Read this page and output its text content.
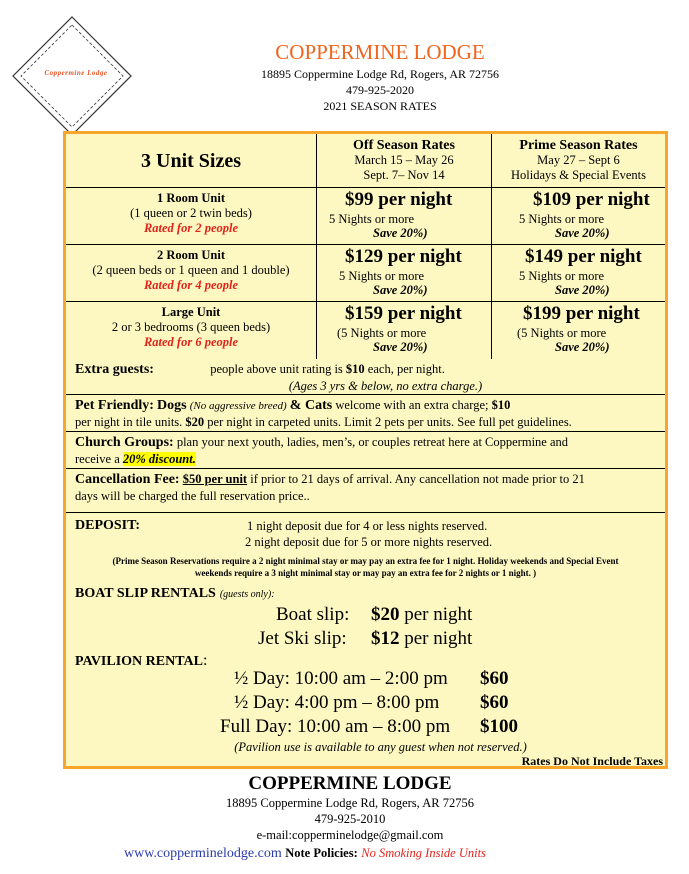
Coppermine Lodge
COPPERMINE LODGE
18895 Coppermine Lodge Rd, Rogers, AR 72756
479-925-2020
2021 SEASON RATES
3 Unit Sizes
Off Season Rates
March 15 – May 26
Sept. 7– Nov 14
Prime Season Rates
May 27 – Sept 6
Holidays & Special Events
1 Room Unit
(1 queen or 2 twin beds)
Rated for 2 people
$99 per night
5 Nights or more
Save 20%)
$109 per night
5 Nights or more
Save 20%)
2 Room Unit
(2 queen beds or 1 queen and 1 double)
Rated for 4 people
$129 per night
5 Nights or more
Save 20%)
$149 per night
5 Nights or more
Save 20%)
Large Unit
2 or 3 bedrooms (3 queen beds)
Rated for 6 people
$159 per night
(5 Nights or more
Save 20%)
$199 per night
(5 Nights or more
Save 20%)
Extra guests:	people above unit rating is $10 each, per night.
(Ages 3 yrs & below, no extra charge.)
Pet Friendly: Dogs (No aggressive breed) & Cats welcome with an extra charge; $10
per night in tile units. $20 per night in carpeted units. Limit 2 pets per units. See full pet guidelines.
Church Groups: plan your next youth, ladies, men’s, or couples retreat here at Coppermine and
receive a 20% discount.
Cancellation Fee: $50 per unit if prior to 21 days of arrival. Any cancellation not made prior to 21
days will be charged the full reservation price..
DEPOSIT:	1 night deposit due for 4 or less nights reserved.
2 night deposit due for 5 or more nights reserved.
(Prime Season Reservations require a 2 night minimal stay or may pay an extra fee for 1 night. Holiday weekends and Special Event
weekends require a 3 night minimal stay or may pay an extra fee for 2 nights or 1 night. )
BOAT SLIP RENTALS (guests only):
Boat slip: $20 per night
Jet Ski slip: $12 per night
PAVILION RENTAL:
½ Day: 10:00 am – 2:00 pm $60
½ Day: 4:00 pm – 8:00 pm $60
Full Day: 10:00 am – 8:00 pm $100
(Pavilion use is available to any guest when not reserved.)
Rates Do Not Include Taxes
COPPERMINE LODGE
18895 Coppermine Lodge Rd, Rogers, AR 72756
479-925-2010
e-mail:copperminelodge@gmail.com
www.copperminelodge.com Note Policies: No Smoking Inside Units
